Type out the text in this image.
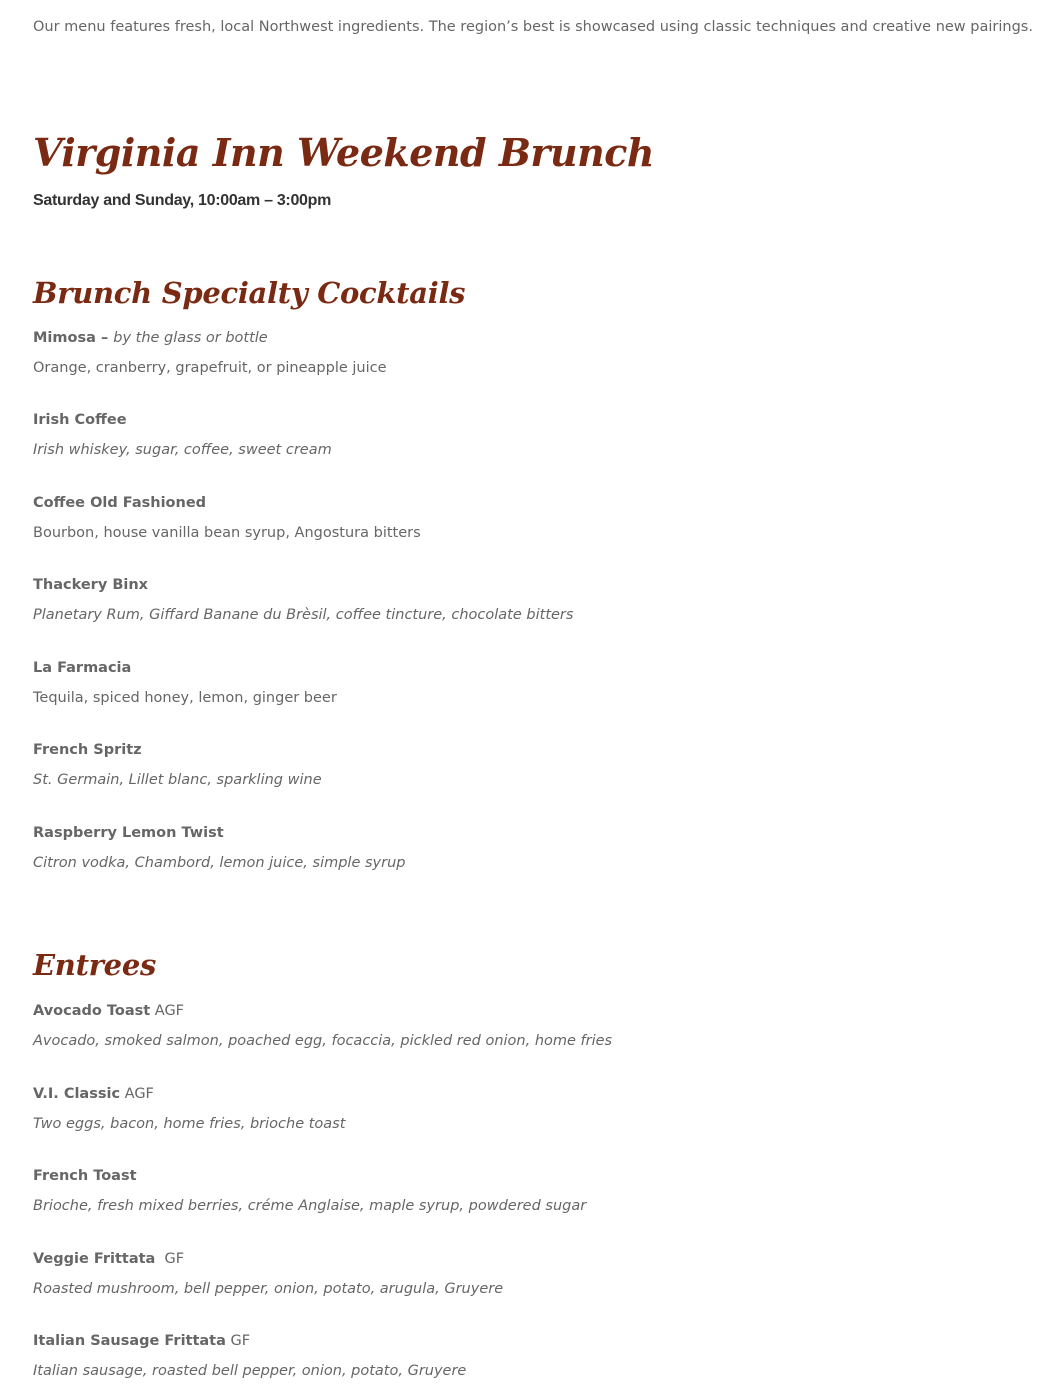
Our menu features fresh, local Northwest ingredients. The region’s best is showcased using classic techniques and creative new pairings.

Virginia Inn Weekend Brunch
Saturday and Sunday, 10:00am – 3:00pm
Brunch Specialty Cocktails
Mimosa – by the glass or bottle
Orange, cranberry, grapefruit, or pineapple juice
Irish Coffee
Irish whiskey, sugar, coffee, sweet cream
Coffee Old Fashioned
Bourbon, house vanilla bean syrup, Angostura bitters
Thackery Binx
Planetary Rum, Giffard Banane du Brèsil, coffee tincture, chocolate bitters
La Farmacia
Tequila, spiced honey, lemon, ginger beer
French Spritz
St. Germain, Lillet blanc, sparkling wine
Raspberry Lemon Twist
Citron vodka, Chambord, lemon juice, simple syrup
Entrees
Avocado Toast AGF
Avocado, smoked salmon, poached egg, focaccia, pickled red onion, home fries
V.I. Classic AGF
Two eggs, bacon, home fries, brioche toast
French Toast
Brioche, fresh mixed berries, créme Anglaise, maple syrup, powdered sugar
Veggie Frittata  GF
Roasted mushroom, bell pepper, onion, potato, arugula, Gruyere
Italian Sausage Frittata GF
Italian sausage, roasted bell pepper, onion, potato, Gruyere
